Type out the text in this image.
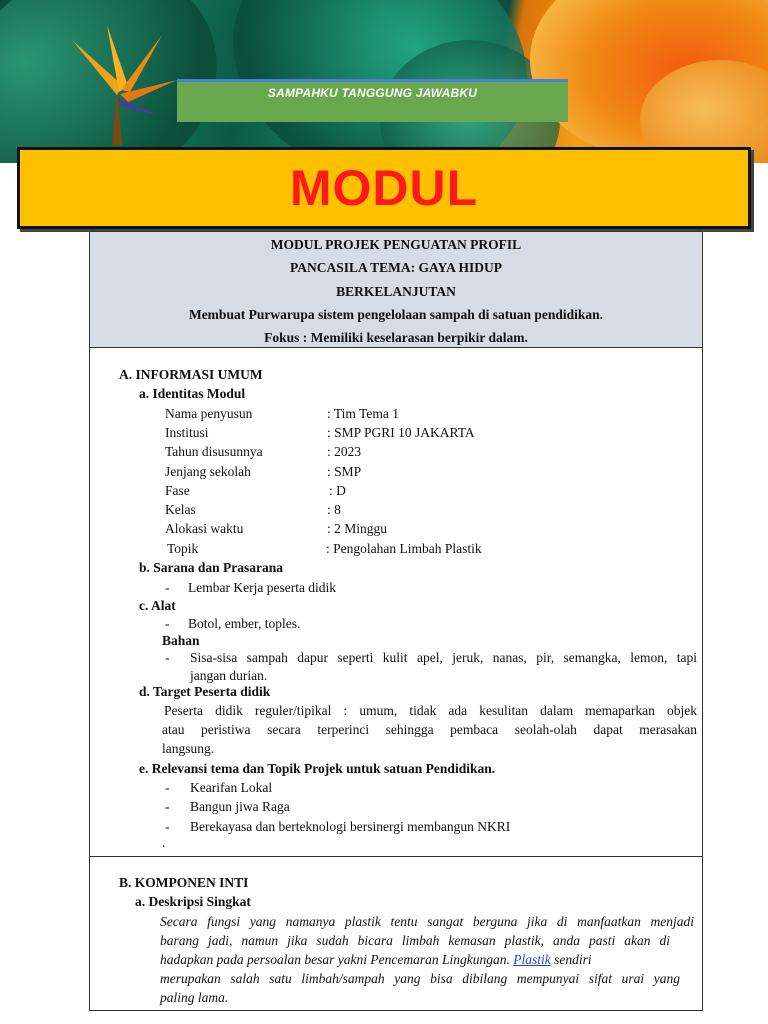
SAMPAHKU TANGGUNG JAWABKU
MODUL
MODUL PROJEK PENGUATAN PROFIL
PANCASILA TEMA: GAYA HIDUP
BERKELANJUTAN
Membuat Purwarupa sistem pengelolaan sampah di satuan pendidikan.
Fokus : Memiliki keselarasan berpikir dalam.
A. INFORMASI UMUM
a. Identitas Modul
Nama penyusun	: Tim Tema 1
Institusi	: SMP PGRI 10 JAKARTA
Tahun disusunnya	: 2023
Jenjang sekolah	: SMP
Fase	: D
Kelas	: 8
Alokasi waktu	: 2 Minggu
Topik	: Pengolahan Limbah Plastik
b. Sarana dan Prasarana
- Lembar Kerja peserta didik
c. Alat
- Botol, ember, toples.
Bahan
- Sisa-sisa sampah dapur seperti kulit apel, jeruk, nanas, pir, semangka, lemon, tapi
jangan durian.
d. Target Peserta didik
Peserta didik reguler/tipikal : umum, tidak ada kesulitan dalam memaparkan objek
atau peristiwa secara terperinci sehingga pembaca seolah-olah dapat merasakan
langsung.
e. Relevansi tema dan Topik Projek untuk satuan Pendidikan.
- Kearifan Lokal
- Bangun jiwa Raga
- Berekayasa dan berteknologi bersinergi membangun NKRI
.
B. KOMPONEN INTI
a. Deskripsi Singkat
Secara fungsi yang namanya plastik tentu sangat berguna jika di manfaatkan menjadi
barang jadi, namun jika sudah bicara limbah kemasan plastik, anda pasti akan di
hadapkan pada persoalan besar yakni Pencemaran Lingkungan. Plastik sendiri
merupakan salah satu limbah/sampah yang bisa dibilang mempunyai sifat urai yang
paling lama.
